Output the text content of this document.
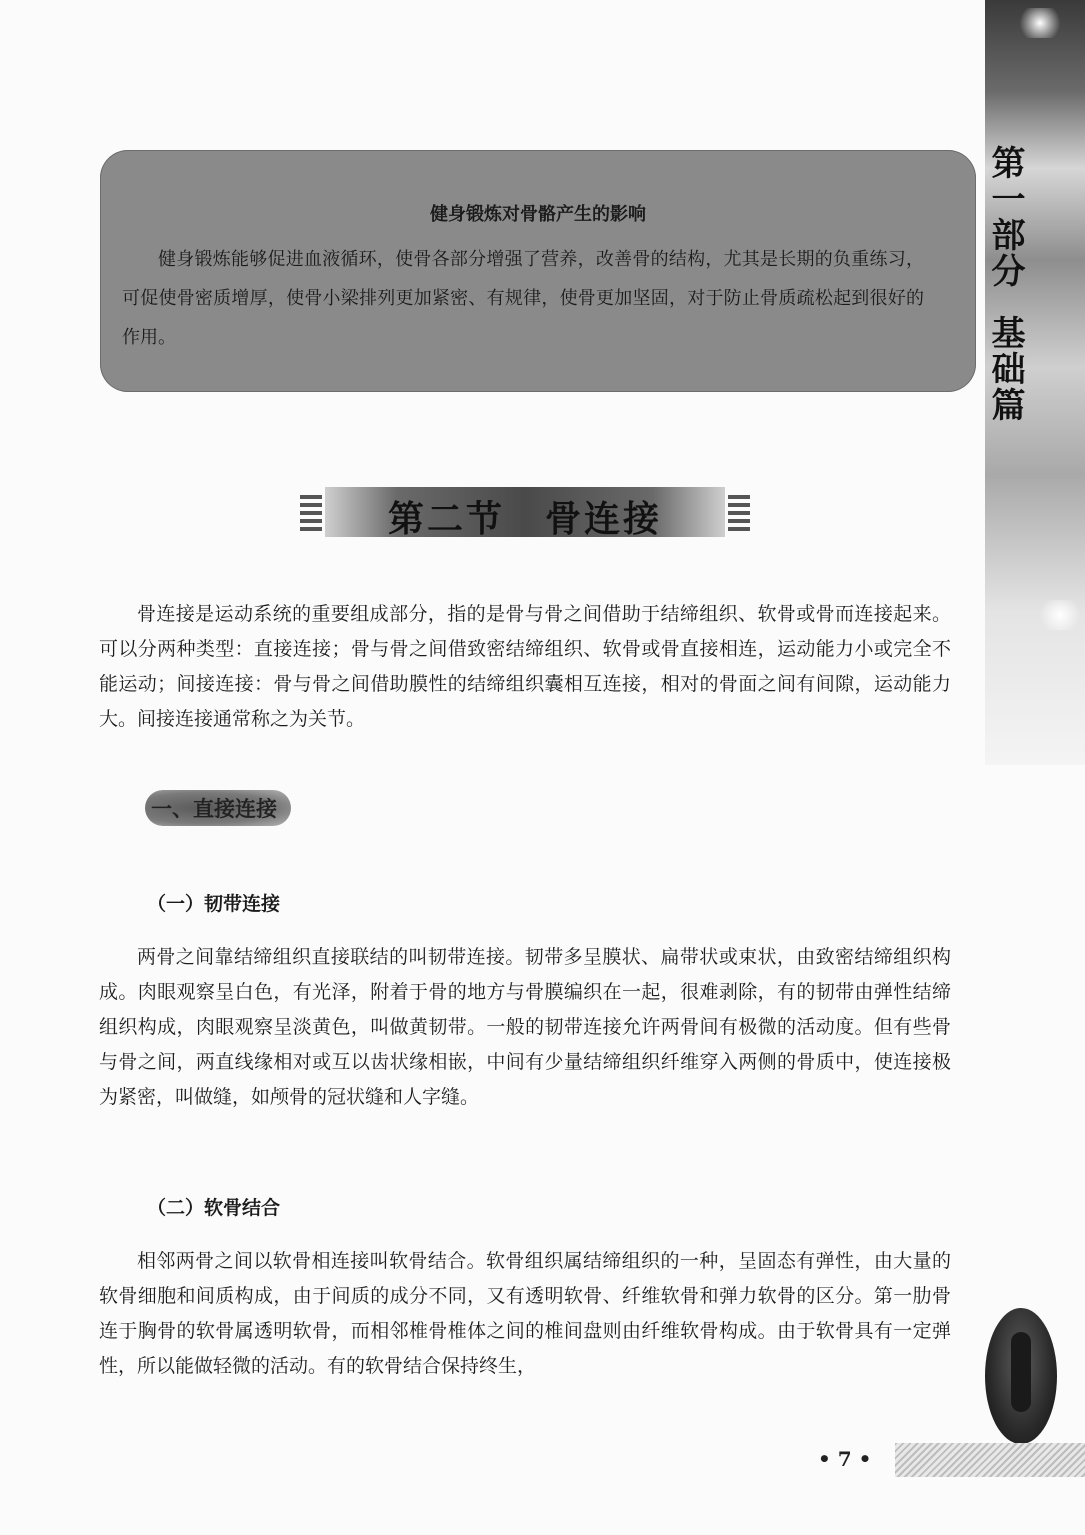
第一部分基础篇
健身锻炼对骨骼产生的影响
健身锻炼能够促进血液循环，使骨各部分增强了营养，改善骨的结构，尤其是长期的负重练习，可促使骨密质增厚，使骨小梁排列更加紧密、有规律，使骨更加坚固，对于防止骨质疏松起到很好的作用。
第二节 骨连接
骨连接是运动系统的重要组成部分，指的是骨与骨之间借助于结缔组织、软骨或骨而连接起来。可以分两种类型：直接连接；骨与骨之间借致密结缔组织、软骨或骨直接相连，运动能力小或完全不能运动；间接连接：骨与骨之间借助膜性的结缔组织囊相互连接，相对的骨面之间有间隙，运动能力大。间接连接通常称之为关节。
一、直接连接
（一）韧带连接
两骨之间靠结缔组织直接联结的叫韧带连接。韧带多呈膜状、扁带状或束状，由致密结缔组织构成。肉眼观察呈白色，有光泽，附着于骨的地方与骨膜编织在一起，很难剥除，有的韧带由弹性结缔组织构成，肉眼观察呈淡黄色，叫做黄韧带。一般的韧带连接允许两骨间有极微的活动度。但有些骨与骨之间，两直线缘相对或互以齿状缘相嵌，中间有少量结缔组织纤维穿入两侧的骨质中，使连接极为紧密，叫做缝，如颅骨的冠状缝和人字缝。
（二）软骨结合
相邻两骨之间以软骨相连接叫软骨结合。软骨组织属结缔组织的一种，呈固态有弹性，由大量的软骨细胞和间质构成，由于间质的成分不同，又有透明软骨、纤维软骨和弹力软骨的区分。第一肋骨连于胸骨的软骨属透明软骨，而相邻椎骨椎体之间的椎间盘则由纤维软骨构成。由于软骨具有一定弹性，所以能做轻微的活动。有的软骨结合保持终生，
• 7 •
